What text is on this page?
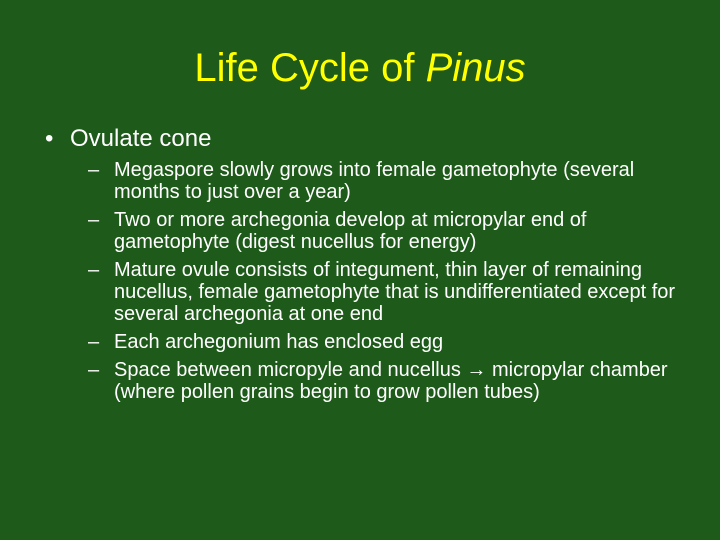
Life Cycle of Pinus
• Ovulate cone
– Megaspore slowly grows into female gametophyte (several months to just over a year)
– Two or more archegonia develop at micropylar end of gametophyte (digest nucellus for energy)
– Mature ovule consists of integument, thin layer of remaining nucellus, female gametophyte that is undifferentiated except for several archegonia at one end
– Each archegonium has enclosed egg
– Space between micropyle and nucellus → micropylar chamber (where pollen grains begin to grow pollen tubes)
